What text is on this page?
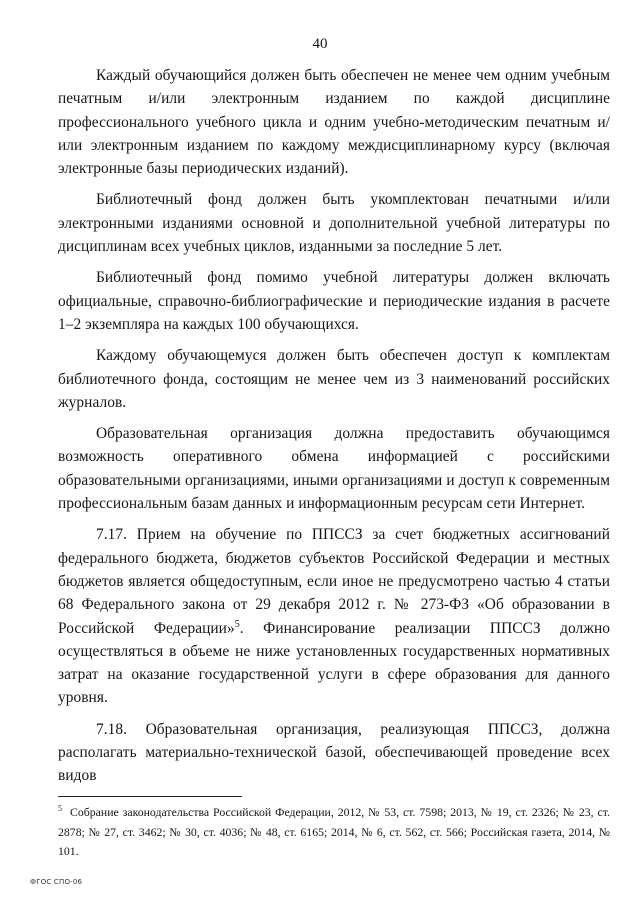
40

Каждый обучающийся должен быть обеспечен не менее чем одним учебным печатным и/или электронным изданием по каждой дисциплине профессионального учебного цикла и одним учебно-методическим печатным и/или электронным изданием по каждому междисциплинарному курсу (включая электронные базы периодических изданий).

Библиотечный фонд должен быть укомплектован печатными и/или электронными изданиями основной и дополнительной учебной литературы по дисциплинам всех учебных циклов, изданными за последние 5 лет.

Библиотечный фонд помимо учебной литературы должен включать официальные, справочно-библиографические и периодические издания в расчете 1–2 экземпляра на каждых 100 обучающихся.

Каждому обучающемуся должен быть обеспечен доступ к комплектам библиотечного фонда, состоящим не менее чем из 3 наименований российских журналов.

Образовательная организация должна предоставить обучающимся возможность оперативного обмена информацией с российскими образовательными организациями, иными организациями и доступ к современным профессиональным базам данных и информационным ресурсам сети Интернет.

7.17. Прием на обучение по ППССЗ за счет бюджетных ассигнований федерального бюджета, бюджетов субъектов Российской Федерации и местных бюджетов является общедоступным, если иное не предусмотрено частью 4 статьи 68 Федерального закона от 29 декабря 2012 г. № 273-ФЗ «Об образовании в Российской Федерации»$^5$. Финансирование реализации ППССЗ должно осуществляться в объеме не ниже установленных государственных нормативных затрат на оказание государственной услуги в сфере образования для данного уровня.

7.18. Образовательная организация, реализующая ППССЗ, должна располагать материально-технической базой, обеспечивающей проведение всех видов

$^5$ Собрание законодательства Российской Федерации, 2012, № 53, ст. 7598; 2013, № 19, ст. 2326; № 23, ст. 2878; № 27, ст. 3462; № 30, ст. 4036; № 48, ст. 6165; 2014, № 6, ст. 562, ст. 566; Российская газета, 2014, № 101.
ФГОС СПО-06
